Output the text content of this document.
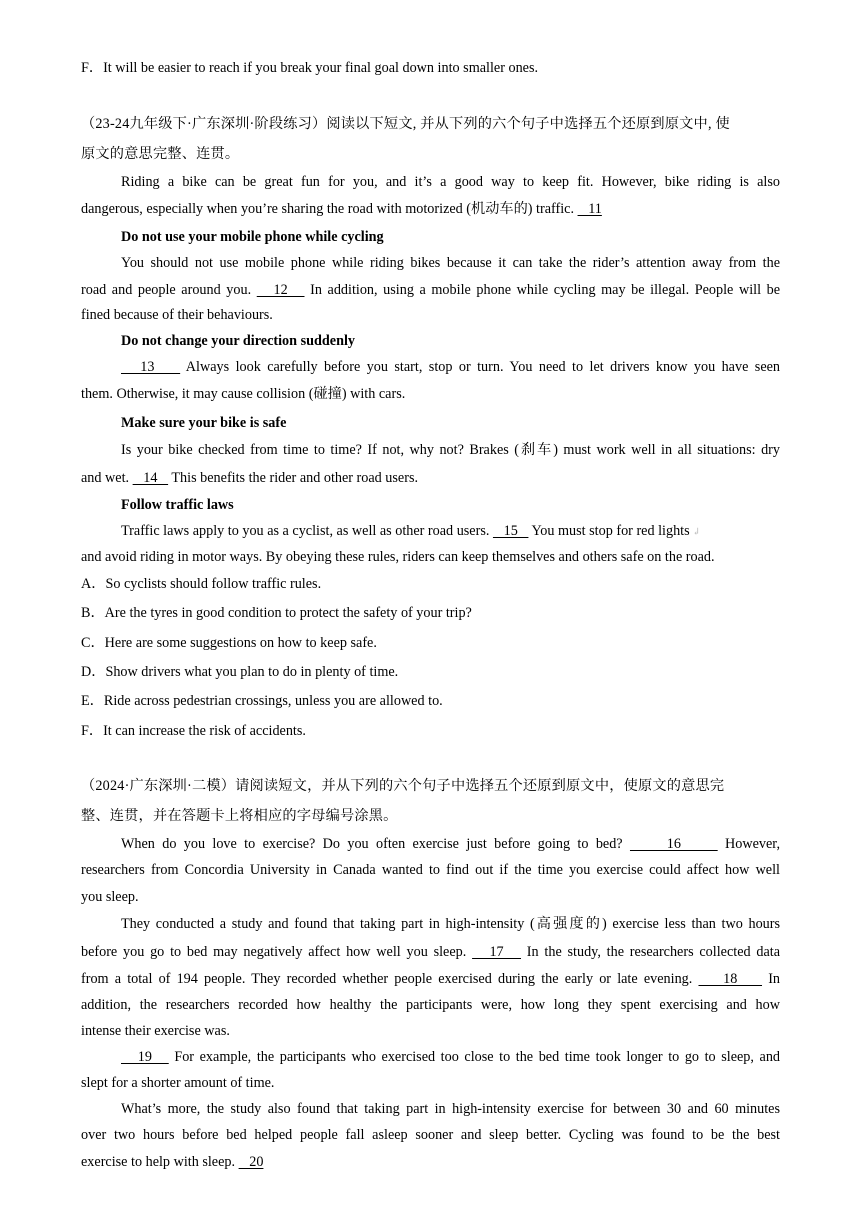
F．It will be easier to reach if you break your final goal down into smaller ones.
（23-24九年级下·广东深圳·阶段练习）阅读以下短文, 并从下列的六个句子中选择五个还原到原文中, 使
原文的意思完整、连贯。
Riding a bike can be great fun for you, and it’s a good way to keep fit. However, bike riding is also
dangerous, especially when you’re sharing the road with motorized (机动车的) traffic.    11
Do not use your mobile phone while cycling
You should not use mobile phone while riding bikes because it can take the rider’s attention away from the
road and people around you.    12    In addition, using a mobile phone while cycling may be illegal. People will be
fined because of their behaviours.
Do not change your direction suddenly
13     Always look carefully before you start, stop or turn. You need to let drivers know you have seen
them. Otherwise, it may cause collision (碰撞) with cars.
Make sure your bike is safe
Is your bike checked from time to time? If not, why not? Brakes (刹车) must work well in all situations: dry
and wet.    14    This benefits the rider and other road users.
Follow traffic laws
Traffic laws apply to you as a cyclist, as well as other road users.    15    You must stop for red lights ↲
and avoid riding in motor ways. By obeying these rules, riders can keep themselves and others safe on the road.
A．So cyclists should follow traffic rules.
B．Are the tyres in good condition to protect the safety of your trip?
C．Here are some suggestions on how to keep safe.
D．Show drivers what you plan to do in plenty of time.
E．Ride across pedestrian crossings, unless you are allowed to.
F．It can increase the risk of accidents.
（2024·广东深圳·二模）请阅读短文，并从下列的六个句子中选择五个还原到原文中，使原文的意思完
整、连贯，并在答题卡上将相应的字母编号涂黑。
When do you love to exercise? Do you often exercise just before going to bed?      16      However,
researchers from Concordia University in Canada wanted to find out if the time you exercise could affect how well
you sleep.
They conducted a study and found that taking part in high-intensity (高强度的) exercise less than two hours
before you go to bed may negatively affect how well you sleep.    17    In the study, the researchers collected data
from a total of 194 people. They recorded whether people exercised during the early or late evening.     18     In
addition, the researchers recorded how healthy the participants were, how long they spent exercising and how
intense their exercise was.
19    For example, the participants who exercised too close to the bed time took longer to go to sleep, and
slept for a shorter amount of time.
What’s more, the study also found that taking part in high-intensity exercise for between 30 and 60 minutes
over two hours before bed helped people fall asleep sooner and sleep better. Cycling was found to be the best
exercise to help with sleep.    20
